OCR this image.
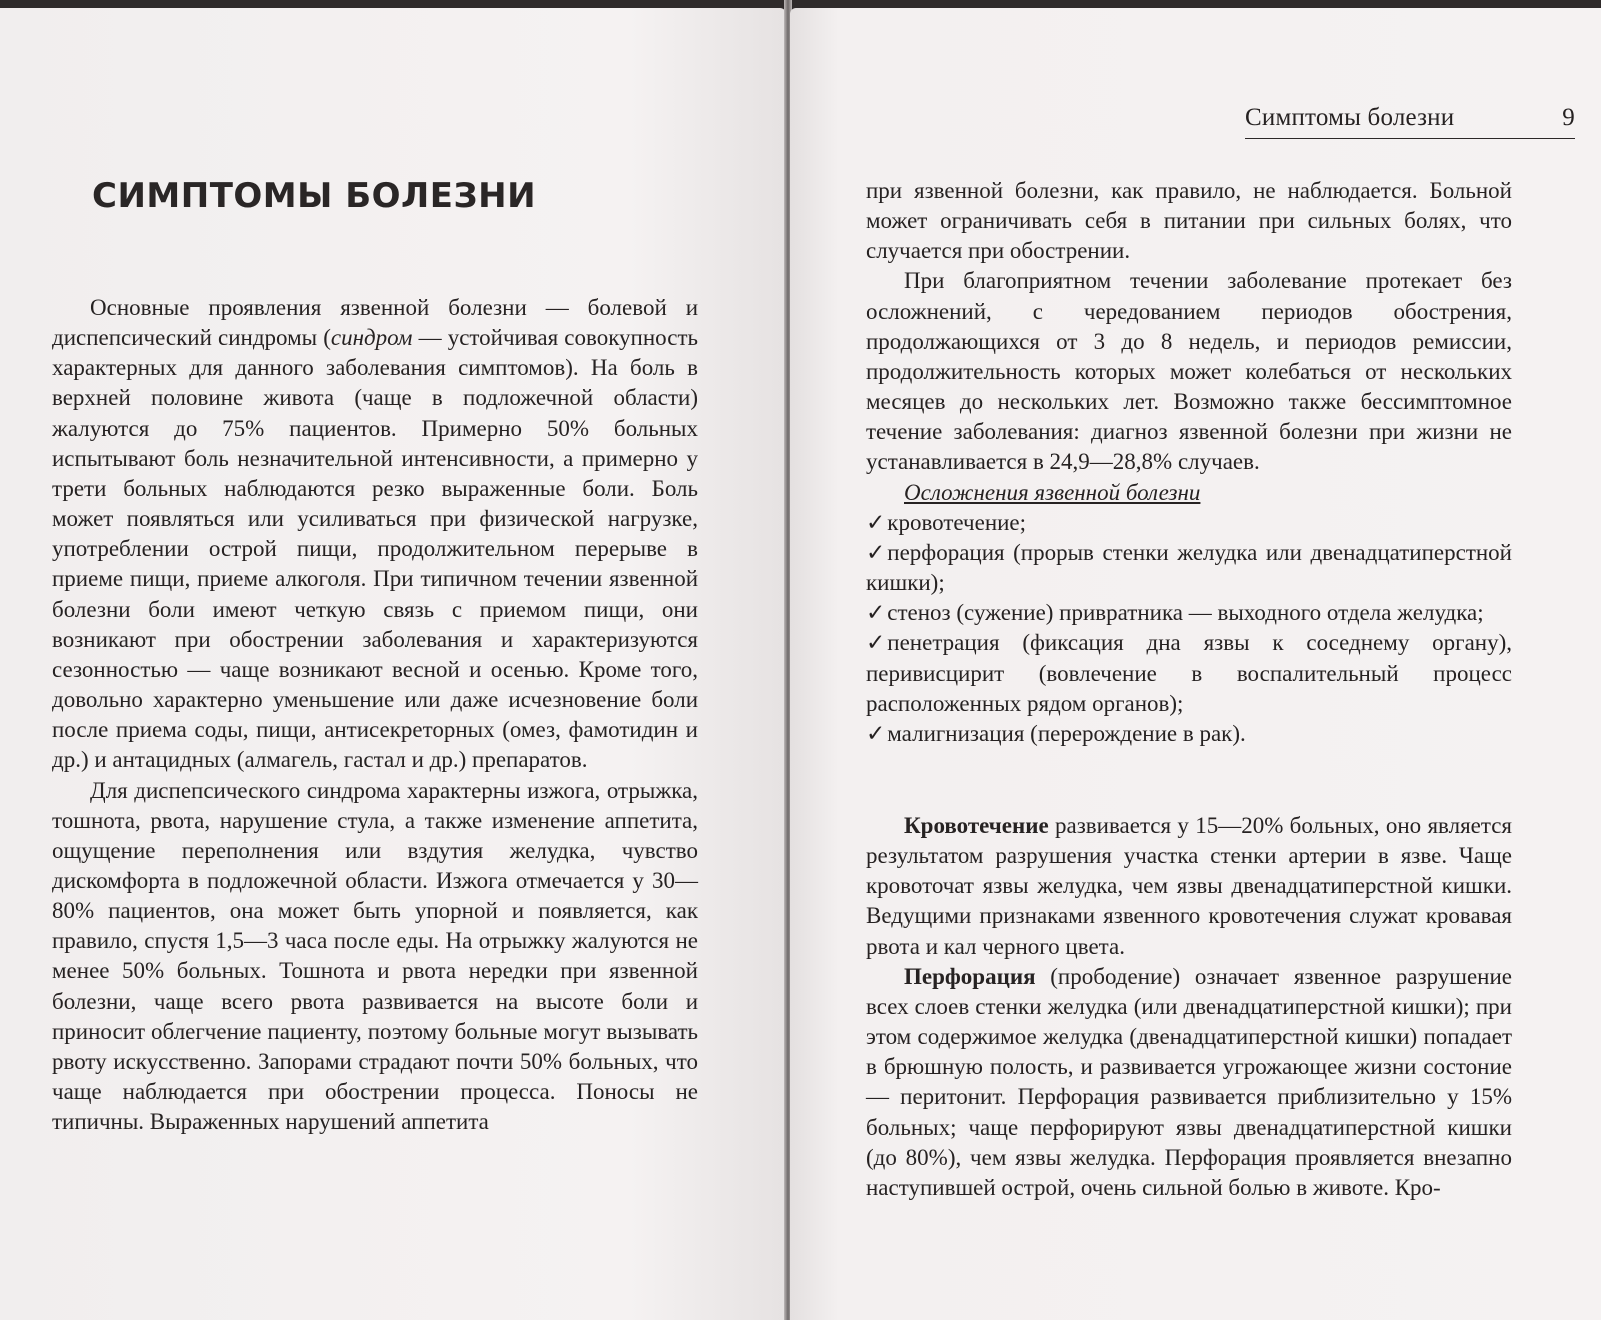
СИМПТОМЫ БОЛЕЗНИ

Основные проявления язвенной болезни — болевой и диспепсический синдромы (синдром — устойчивая совокупность характерных для данного заболевания симптомов). На боль в верхней половине живота (чаще в подложечной области) жалуются до 75% пациентов. Примерно 50% больных испытывают боль незначительной интенсивности, а примерно у трети больных наблюдаются резко выраженные боли. Боль может появляться или усиливаться при физической нагрузке, употреблении острой пищи, продолжительном перерыве в приеме пищи, приеме алкоголя. При типичном течении язвенной болезни боли имеют четкую связь с приемом пищи, они возникают при обострении заболевания и характеризуются сезонностью — чаще возникают весной и осенью. Кроме того, довольно характерно уменьшение или даже исчезновение боли после приема соды, пищи, антисекреторных (омез, фамотидин и др.) и антацидных (алмагель, гастал и др.) препаратов.

Для диспепсического синдрома характерны изжога, отрыжка, тошнота, рвота, нарушение стула, а также изменение аппетита, ощущение переполнения или вздутия желудка, чувство дискомфорта в подложечной области. Изжога отмечается у 30—80% пациентов, она может быть упорной и появляется, как правило, спустя 1,5—3 часа после еды. На отрыжку жалуются не менее 50% больных. Тошнота и рвота нередки при язвенной болезни, чаще всего рвота развивается на высоте боли и приносит облегчение пациенту, поэтому больные могут вызывать рвоту искусственно. Запорами страдают почти 50% больных, что чаще наблюдается при обострении процесса. Поносы не типичны. Выраженных нарушений аппетита

Симптомы болезни	9

при язвенной болезни, как правило, не наблюдается. Больной может ограничивать себя в питании при сильных болях, что случается при обострении.

При благоприятном течении заболевание протекает без осложнений, с чередованием периодов обострения, продолжающихся от 3 до 8 недель, и периодов ремиссии, продолжительность которых может колебаться от нескольких месяцев до нескольких лет. Возможно также бессимптомное течение заболевания: диагноз язвенной болезни при жизни не устанавливается в 24,9—28,8% случаев.

Осложнения язвенной болезни

✓кровотечение;

✓перфорация (прорыв стенки желудка или двенадцатиперстной кишки);

✓стеноз (сужение) привратника — выходного отдела желудка;

✓пенетрация (фиксация дна язвы к соседнему органу), перивисцирит (вовлечение в воспалительный процесс расположенных рядом органов);

✓малигнизация (перерождение в рак).

Кровотечение развивается у 15—20% больных, оно является результатом разрушения участка стенки артерии в язве. Чаще кровоточат язвы желудка, чем язвы двенадцатиперстной кишки. Ведущими признаками язвенного кровотечения служат кровавая рвота и кал черного цвета.

Перфорация (прободение) означает язвенное разрушение всех слоев стенки желудка (или двенадцатиперстной кишки); при этом содержимое желудка (двенадцатиперстной кишки) попадает в брюшную полость, и развивается угрожающее жизни состоние — перитонит. Перфорация развивается приблизительно у 15% больных; чаще перфорируют язвы двенадцатиперстной кишки (до 80%), чем язвы желудка. Перфорация проявляется внезапно наступившей острой, очень сильной болью в животе. Кро-
